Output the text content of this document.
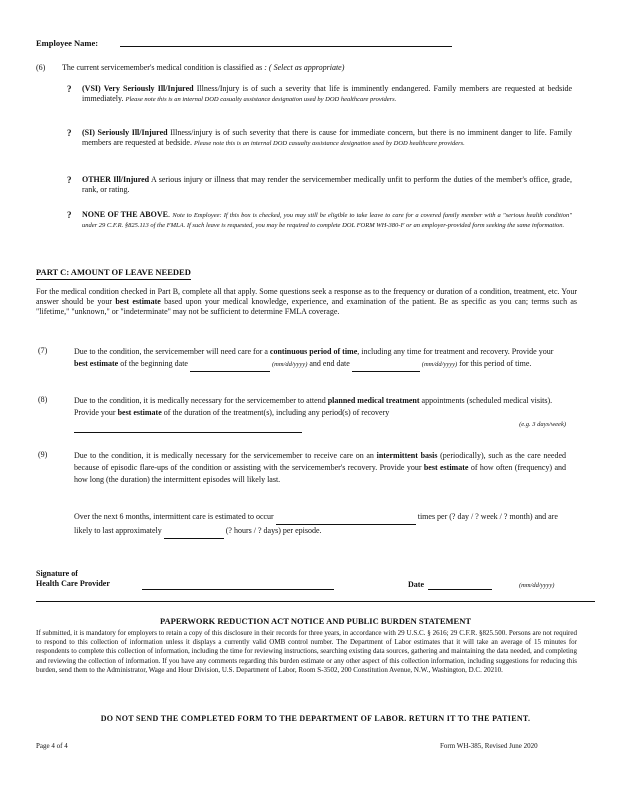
Employee Name:
(6) The current servicemember's medical condition is classified as : ( Select as appropriate)
? (VSI) Very Seriously Ill/Injured Illness/Injury is of such a severity that life is imminently endangered. Family members are requested at bedside immediately. Please note this is an internal DOD casualty assistance designation used by DOD healthcare providers.
? (SI) Seriously Ill/Injured Illness/injury is of such severity that there is cause for immediate concern, but there is no imminent danger to life. Family members are requested at bedside. Please note this is an internal DOD casualty assistance designation used by DOD healthcare providers.
? OTHER Ill/Injured A serious injury or illness that may render the servicemember medically unfit to perform the duties of the member's office, grade, rank, or rating.
? NONE OF THE ABOVE. Note to Employee: If this box is checked, you may still be eligible to take leave to care for a covered family member with a "serious health condition" under 29 C.F.R. §825.113 of the FMLA. If such leave is requested, you may be required to complete DOL FORM WH-380-F or an employer-provided form seeking the same information.
PART C: AMOUNT OF LEAVE NEEDED
For the medical condition checked in Part B, complete all that apply. Some questions seek a response as to the frequency or duration of a condition, treatment, etc. Your answer should be your best estimate based upon your medical knowledge, experience, and examination of the patient. Be as specific as you can; terms such as "lifetime," "unknown," or "indeterminate" may not be sufficient to determine FMLA coverage.
(7)	Due to the condition, the servicemember will need care for a continuous period of time, including any time for treatment and recovery. Provide your best estimate of the beginning date	(mm/dd/yyyy) and end date	(mm/dd/yyyy) for this period of time.
(8)	Due to the condition, it is medically necessary for the servicemember to attend planned medical treatment appointments (scheduled medical visits). Provide your best estimate of the duration of the treatment(s), including any period(s) of recovery
(e.g. 3 days/week)
(9)	Due to the condition, it is medically necessary for the servicemember to receive care on an intermittent basis (periodically), such as the care needed because of episodic flare-ups of the condition or assisting with the servicemember's recovery. Provide your best estimate of how often (frequency) and how long (the duration) the intermittent episodes will likely last.
Over the next 6 months, intermittent care is estimated to occur	times per (? day / ? week / ? month) and are likely to last approximately	(? hours / ? days) per episode.
Signature of
Health Care Provider	Date	(mm/dd/yyyy)
PAPERWORK REDUCTION ACT NOTICE AND PUBLIC BURDEN STATEMENT
If submitted, it is mandatory for employers to retain a copy of this disclosure in their records for three years, in accordance with 29 U.S.C. § 2616; 29 C.F.R. §825.500. Persons are not required to respond to this collection of information unless it displays a currently valid OMB control number. The Department of Labor estimates that it will take an average of 15 minutes for respondents to complete this collection of information, including the time for reviewing instructions, searching existing data sources, gathering and maintaining the data needed, and completing and reviewing the collection of information. If you have any comments regarding this burden estimate or any other aspect of this collection information, including suggestions for reducing this burden, send them to the Administrator, Wage and Hour Division, U.S. Department of Labor, Room S-3502, 200 Constitution Avenue, N.W., Washington, D.C. 20210.
DO NOT SEND THE COMPLETED FORM TO THE DEPARTMENT OF LABOR. RETURN IT TO THE PATIENT.
Page 4 of 4	Form WH-385, Revised June 2020
